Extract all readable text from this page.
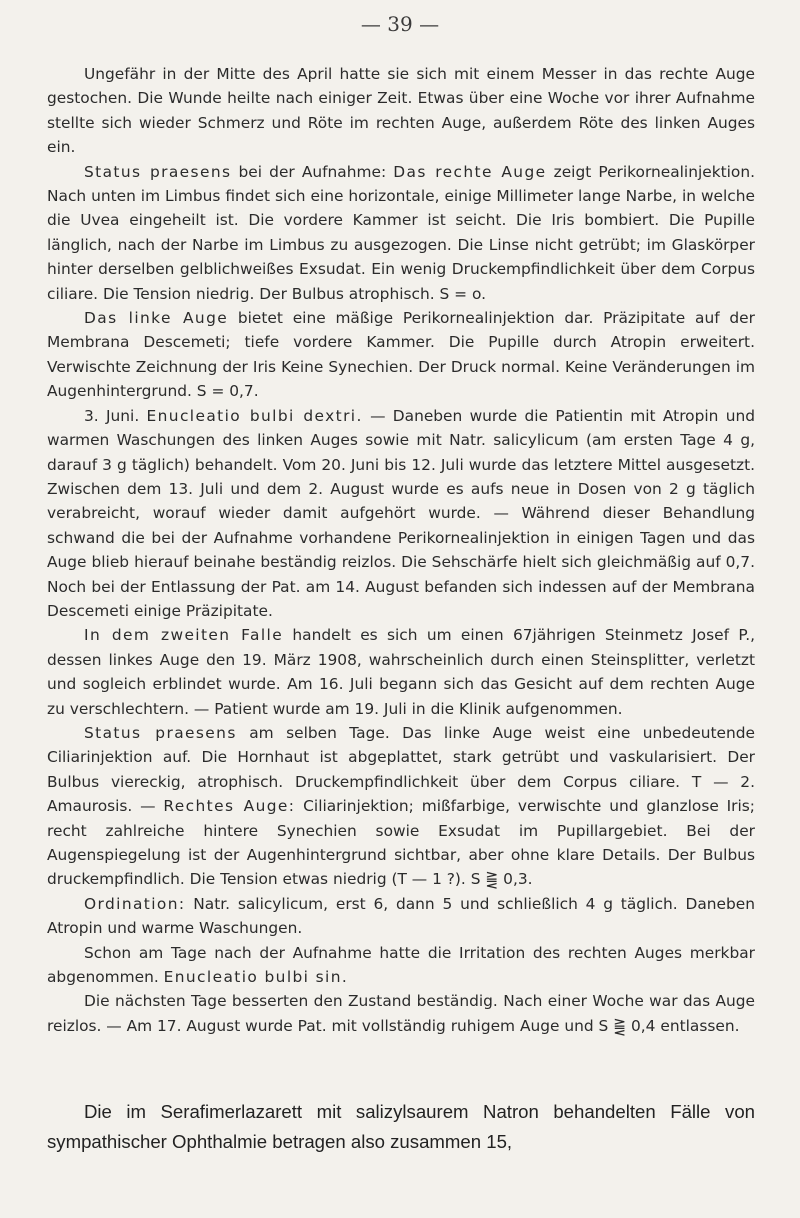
— 39 —

Ungefähr in der Mitte des April hatte sie sich mit einem Messer in das rechte Auge gestochen. Die Wunde heilte nach einiger Zeit. Etwas über eine Woche vor ihrer Aufnahme stellte sich wieder Schmerz und Röte im rechten Auge, außerdem Röte des linken Auges ein.

Status praesens bei der Aufnahme: Das rechte Auge zeigt Perikornealinjektion. Nach unten im Limbus findet sich eine horizontale, einige Millimeter lange Narbe, in welche die Uvea eingeheilt ist. Die vordere Kammer ist seicht. Die Iris bombiert. Die Pupille länglich, nach der Narbe im Limbus zu ausgezogen. Die Linse nicht getrübt; im Glaskörper hinter derselben gelblichweißes Exsudat. Ein wenig Druckempfindlichkeit über dem Corpus ciliare. Die Tension niedrig. Der Bulbus atrophisch. S = o.

Das linke Auge bietet eine mäßige Perikornealinjektion dar. Präzipitate auf der Membrana Descemeti; tiefe vordere Kammer. Die Pupille durch Atropin erweitert. Verwischte Zeichnung der Iris Keine Synechien. Der Druck normal. Keine Veränderungen im Augenhintergrund. S = 0,7.

3. Juni. Enucleatio bulbi dextri. — Daneben wurde die Patientin mit Atropin und warmen Waschungen des linken Auges sowie mit Natr. salicylicum (am ersten Tage 4 g, darauf 3 g täglich) behandelt. Vom 20. Juni bis 12. Juli wurde das letztere Mittel ausgesetzt. Zwischen dem 13. Juli und dem 2. August wurde es aufs neue in Dosen von 2 g täglich verabreicht, worauf wieder damit aufgehört wurde. — Während dieser Behandlung schwand die bei der Aufnahme vorhandene Perikornealinjektion in einigen Tagen und das Auge blieb hierauf beinahe beständig reizlos. Die Sehschärfe hielt sich gleichmäßig auf 0,7. Noch bei der Entlassung der Pat. am 14. August befanden sich indessen auf der Membrana Descemeti einige Präzipitate.

In dem zweiten Falle handelt es sich um einen 67jährigen Steinmetz Josef P., dessen linkes Auge den 19. März 1908, wahrscheinlich durch einen Steinsplitter, verletzt und sogleich erblindet wurde. Am 16. Juli begann sich das Gesicht auf dem rechten Auge zu verschlechtern. — Patient wurde am 19. Juli in die Klinik aufgenommen.

Status praesens am selben Tage. Das linke Auge weist eine unbedeutende Ciliarinjektion auf. Die Hornhaut ist abgeplattet, stark getrübt und vaskularisiert. Der Bulbus viereckig, atrophisch. Druckempfindlichkeit über dem Corpus ciliare. T — 2. Amaurosis. — Rechtes Auge: Ciliarinjektion; mißfarbige, verwischte und glanzlose Iris; recht zahlreiche hintere Synechien sowie Exsudat im Pupillargebiet. Bei der Augenspiegelung ist der Augenhintergrund sichtbar, aber ohne klare Details. Der Bulbus druckempfindlich. Die Tension etwas niedrig (T — 1 ?). S ⪌ 0,3.

Ordination: Natr. salicylicum, erst 6, dann 5 und schließlich 4 g täglich. Daneben Atropin und warme Waschungen.

Schon am Tage nach der Aufnahme hatte die Irritation des rechten Auges merkbar abgenommen. Enucleatio bulbi sin.

Die nächsten Tage besserten den Zustand beständig. Nach einer Woche war das Auge reizlos. — Am 17. August wurde Pat. mit vollständig ruhigem Auge und S ⪌ 0,4 entlassen.

Die im Serafimerlazarett mit salizylsaurem Natron behandelten Fälle von sympathischer Ophthalmie betragen also zusammen 15,
